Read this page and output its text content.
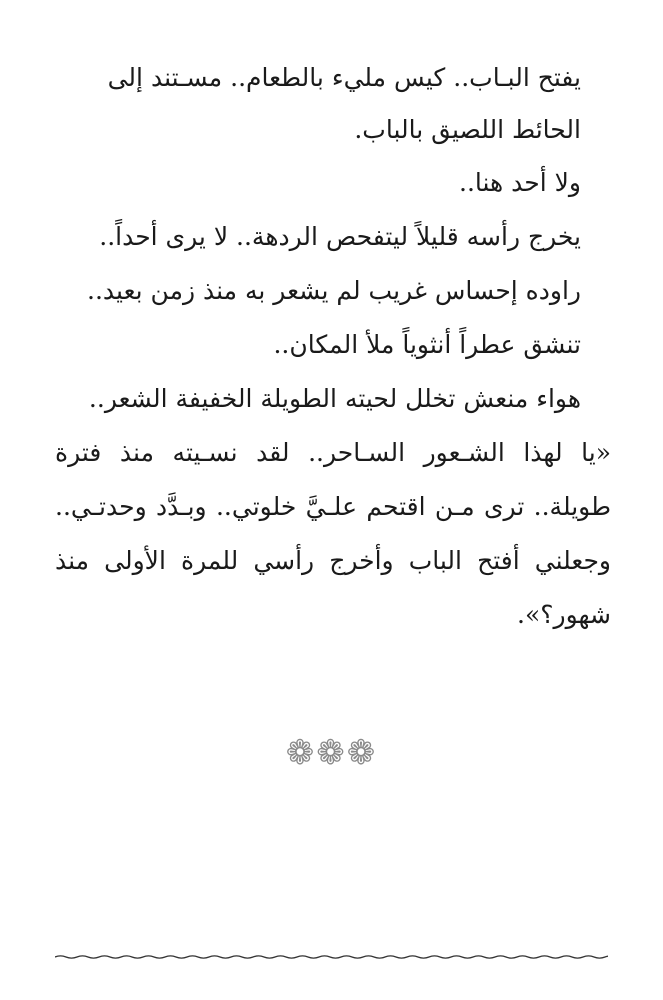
يفتح البـاب.. كيس مليء بالطعام.. مسـتند إلى الحائط اللصيق بالباب.

ولا أحد هنا..

يخرج رأسه قليلاً ليتفحص الردهة.. لا يرى أحداً..

راوده إحساس غريب لم يشعر به منذ زمن بعيد..

تنشق عطراً أنثوياً ملأ المكان..

هواء منعش تخلل لحيته الطويلة الخفيفة الشعر..

«يا لهذا الشـعور السـاحر.. لقد نسـيته منذ فترة طويلة.. ترى مـن اقتحم علـيَّ خلوتي.. وبـدَّد وحدتـي.. وجعلني أفتح الباب وأخرج رأسي للمرة الأولى منذ شهور؟».

❁❁❁
